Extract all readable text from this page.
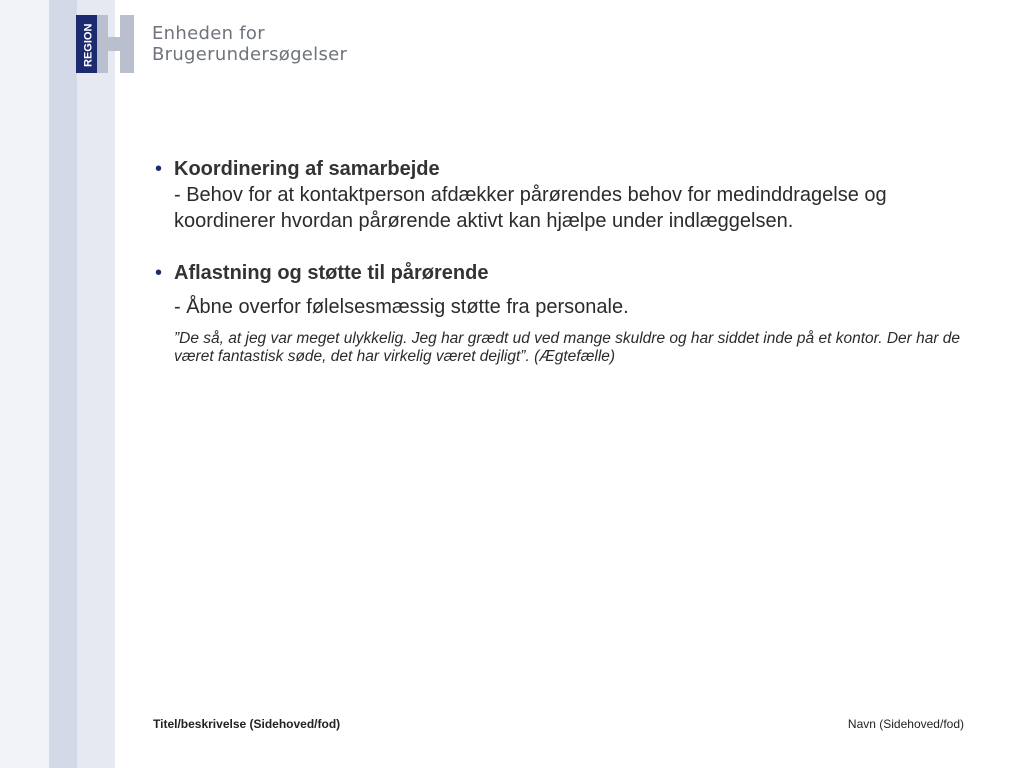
REGION	Enheden for
Brugerundersøgelser
• Koordinering af samarbejde
- Behov for at kontaktperson afdækker pårørendes behov for medinddragelse og koordinerer hvordan pårørende aktivt kan hjælpe under indlæggelsen.
• Aflastning og støtte til pårørende
- Åbne overfor følelsesmæssig støtte fra personale.
”De så, at jeg var meget ulykkelig. Jeg har grædt ud ved mange skuldre og har siddet inde på et kontor. Der har de været fantastisk søde, det har virkelig været dejligt”. (Ægtefælle)
Titel/beskrivelse (Sidehoved/fod)	Navn (Sidehoved/fod)
